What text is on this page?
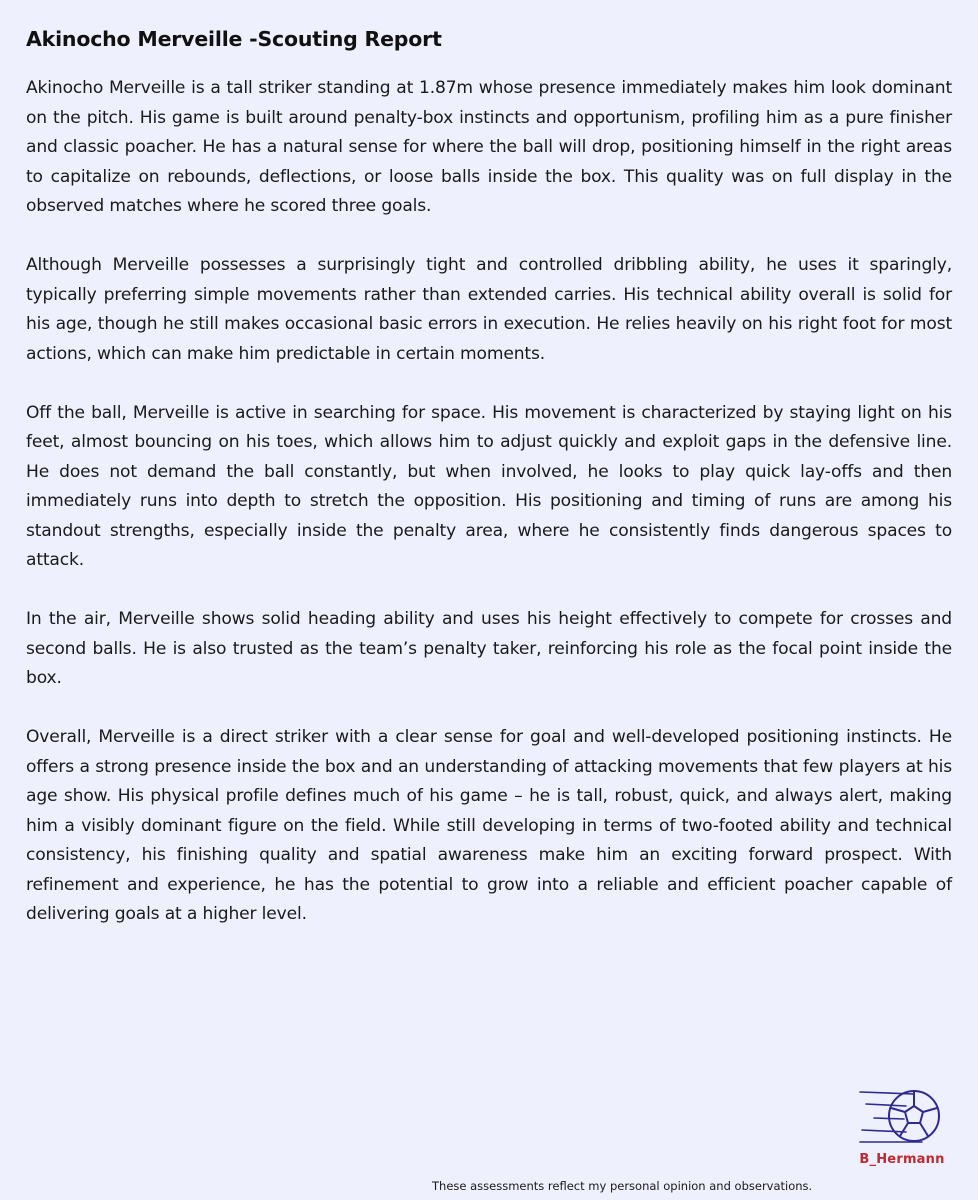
Akinocho Merveille -Scouting Report

Akinocho Merveille is a tall striker standing at 1.87m whose presence immediately makes him look dominant on the pitch. His game is built around penalty-box instincts and opportunism, profiling him as a pure finisher and classic poacher. He has a natural sense for where the ball will drop, positioning himself in the right areas to capitalize on rebounds, deflections, or loose balls inside the box. This quality was on full display in the observed matches where he scored three goals.

Although Merveille possesses a surprisingly tight and controlled dribbling ability, he uses it sparingly, typically preferring simple movements rather than extended carries. His technical ability overall is solid for his age, though he still makes occasional basic errors in execution. He relies heavily on his right foot for most actions, which can make him predictable in certain moments.

Off the ball, Merveille is active in searching for space. His movement is characterized by staying light on his feet, almost bouncing on his toes, which allows him to adjust quickly and exploit gaps in the defensive line. He does not demand the ball constantly, but when involved, he looks to play quick lay-offs and then immediately runs into depth to stretch the opposition. His positioning and timing of runs are among his standout strengths, especially inside the penalty area, where he consistently finds dangerous spaces to attack.

In the air, Merveille shows solid heading ability and uses his height effectively to compete for crosses and second balls. He is also trusted as the team’s penalty taker, reinforcing his role as the focal point inside the box.

Overall, Merveille is a direct striker with a clear sense for goal and well-developed positioning instincts. He offers a strong presence inside the box and an understanding of attacking movements that few players at his age show. His physical profile defines much of his game – he is tall, robust, quick, and always alert, making him a visibly dominant figure on the field. While still developing in terms of two-footed ability and technical consistency, his finishing quality and spatial awareness make him an exciting forward prospect. With refinement and experience, he has the potential to grow into a reliable and efficient poacher capable of delivering goals at a higher level.

B_Hermann
These assessments reflect my personal opinion and observations.
